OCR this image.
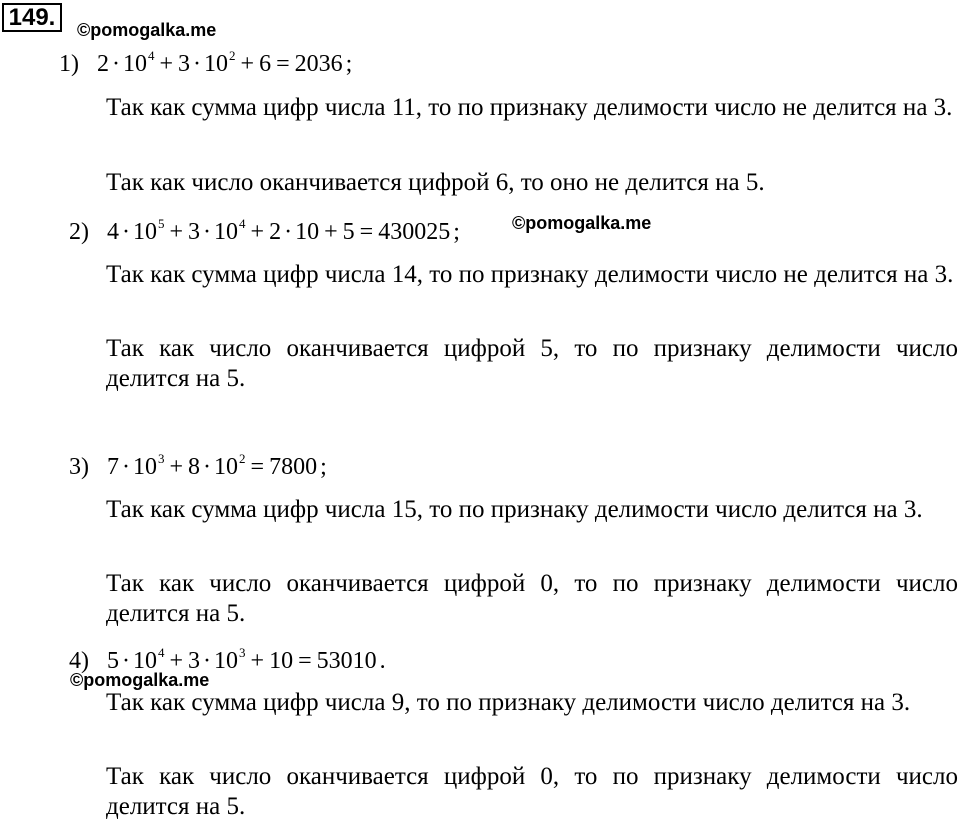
149.	©pomogalka.me
©pomogalka.me
©pomogalka.me
1) $2 \cdot 10^4 + 3 \cdot 10^2 + 6 = 2036$ ;
Так как сумма цифр числа 11, то по признаку делимости число не делится на 3.
Так как число оканчивается цифрой 6, то оно не делится на 5.
2) $4 \cdot 10^5 + 3 \cdot 10^4 + 2 \cdot 10 + 5 = 430025$ ;
Так как сумма цифр числа 14, то по признаку делимости число не делится на 3.
Так как число оканчивается цифрой 5, то по признаку делимости число делится на 5.
3) $7 \cdot 10^3 + 8 \cdot 10^2 = 7800$ ;
Так как сумма цифр числа 15, то по признаку делимости число делится на 3.
Так как число оканчивается цифрой 0, то по признаку делимости число делится на 5.
4) $5 \cdot 10^4 + 3 \cdot 10^3 + 10 = 53010$ .
Так как сумма цифр числа 9, то по признаку делимости число делится на 3.
Так как число оканчивается цифрой 0, то по признаку делимости число делится на 5.
